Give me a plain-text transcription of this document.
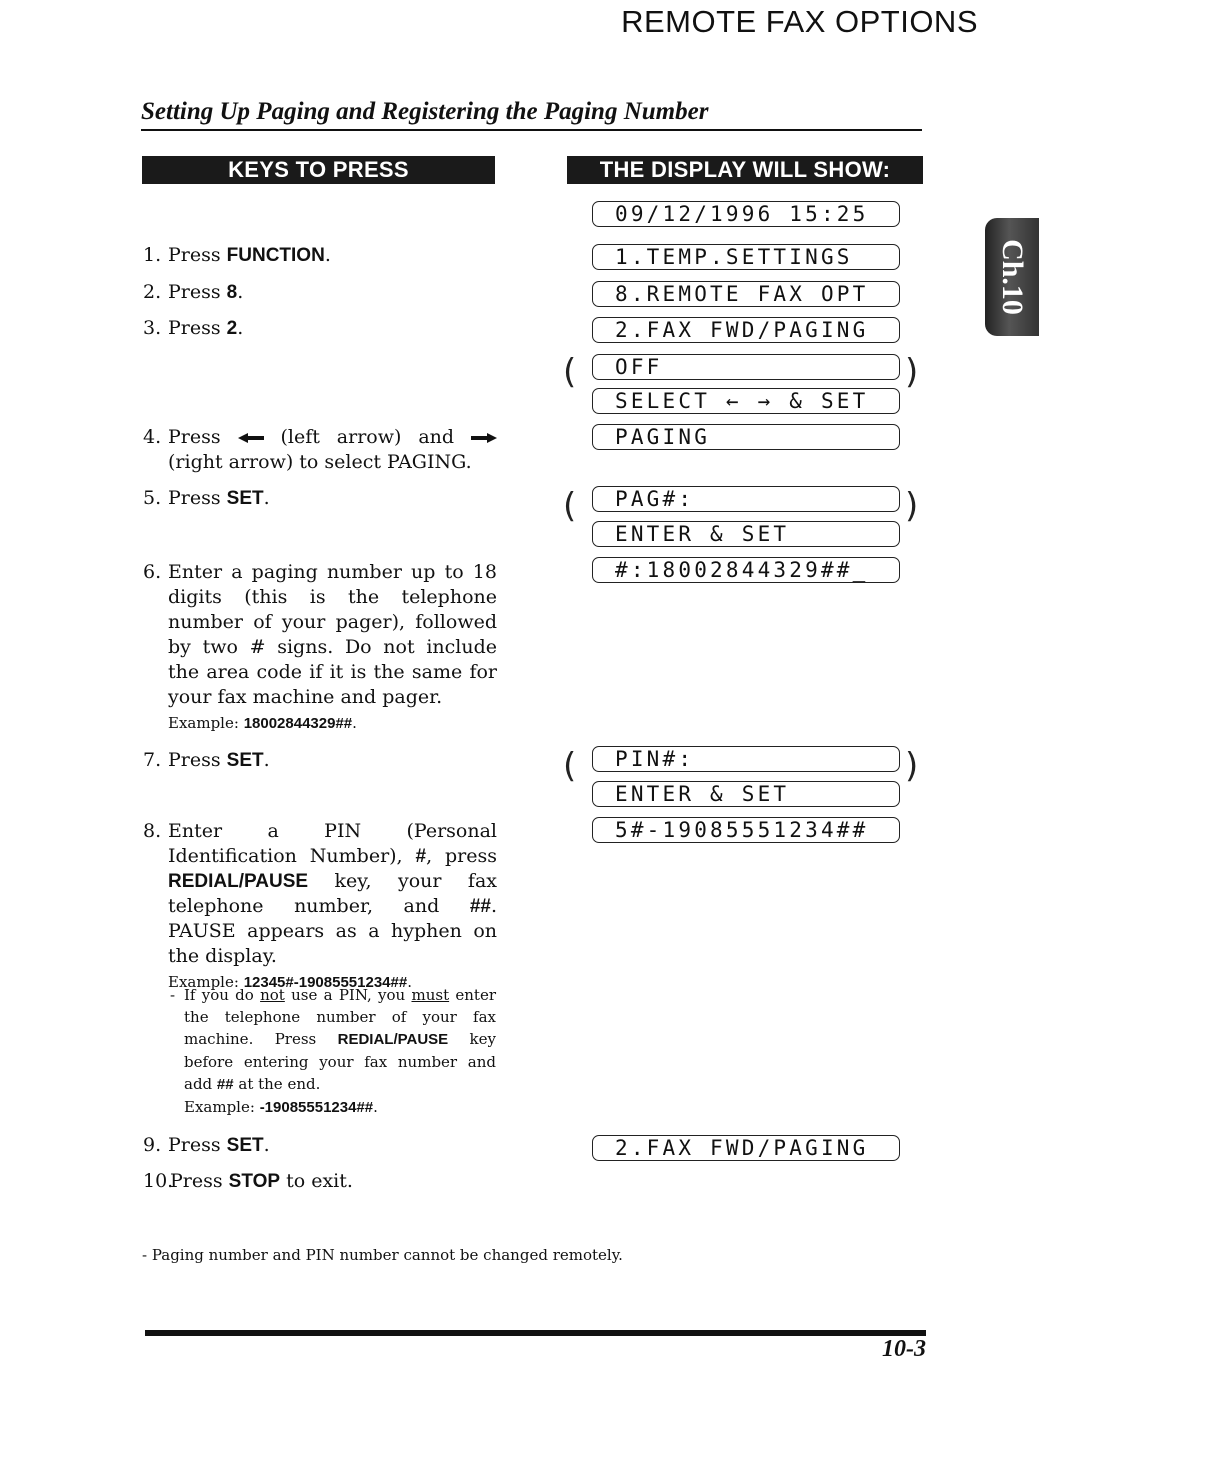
REMOTE FAX OPTIONS
Setting Up Paging and Registering the Paging Number
KEYS TO PRESS	THE DISPLAY WILL SHOW:
Ch.10
1. Press FUNCTION.
2. Press 8.
3. Press 2.
4. Press  (left arrow) and  (right arrow) to select PAGING.
5. Press SET.
6. Enter a paging number up to 18 digits (this is the telephone number of your pager), followed by two # signs. Do not include the area code if it is the same for your fax machine and pager.
Example: 18002844329##.
7. Press SET.
8. Enter a PIN (Personal Identification Number), #, press REDIAL/PAUSE key, your fax telephone number, and ##. PAUSE appears as a hyphen on the display.
Example: 12345#-19085551234##.
- If you do not use a PIN, you must enter the telephone number of your fax machine. Press REDIAL/PAUSE key before entering your fax number and add ## at the end.
Example: -19085551234##.
9. Press SET.
10.
Press STOP to exit.
09/12/1996 15:25
1.TEMP.SETTINGS
8.REMOTE FAX OPT
2.FAX FWD/PAGING
(	)
OFF
SELECT ← → & SET
PAGING
(	)
PAG#:
ENTER & SET
#:18002844329##_
(	)
PIN#:
ENTER & SET
5#-19085551234##
2.FAX FWD/PAGING
- Paging number and PIN number cannot be changed remotely.
10-3
